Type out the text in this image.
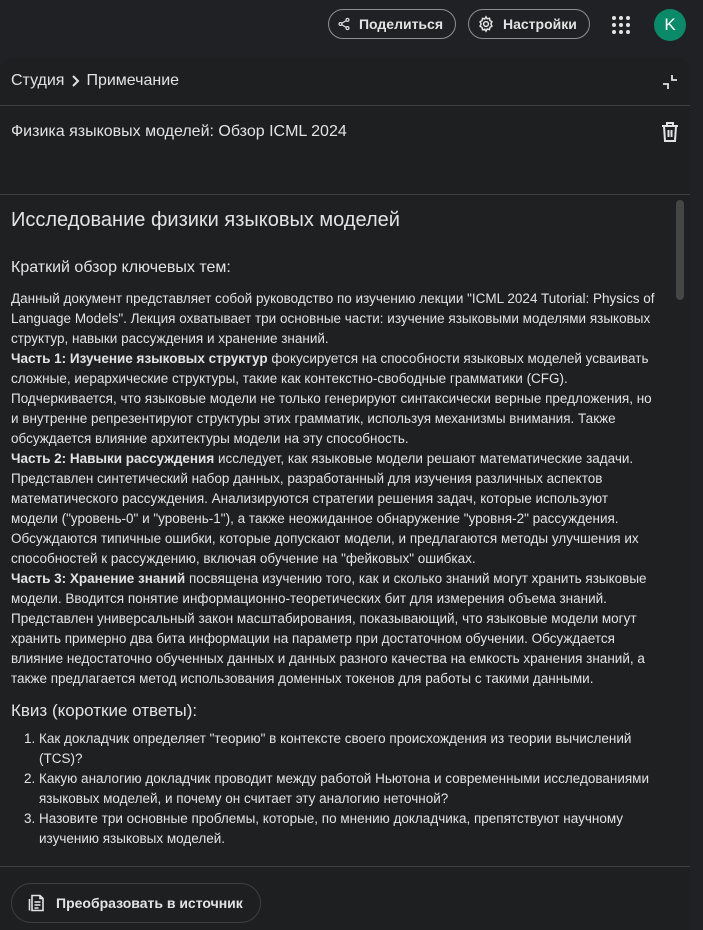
Поделиться	Настройки	K
Студия Примечание
Физика языковых моделей: Обзор ICML 2024
Исследование физики языковых моделей
Краткий обзор ключевых тем:

Данный документ представляет собой руководство по изучению лекции "ICML 2024 Tutorial: Physics of Language Models". Лекция охватывает три основные части: изучение языковыми моделями языковых структур, навыки рассуждения и хранение знаний.

Часть 1: Изучение языковых структур фокусируется на способности языковых моделей усваивать сложные, иерархические структуры, такие как контекстно-свободные грамматики (CFG). Подчеркивается, что языковые модели не только генерируют синтаксически верные предложения, но и внутренне репрезентируют структуры этих грамматик, используя механизмы внимания. Также обсуждается влияние архитектуры модели на эту способность.

Часть 2: Навыки рассуждения исследует, как языковые модели решают математические задачи. Представлен синтетический набор данных, разработанный для изучения различных аспектов математического рассуждения. Анализируются стратегии решения задач, которые используют модели ("уровень-0" и "уровень-1"), а также неожиданное обнаружение "уровня-2" рассуждения. Обсуждаются типичные ошибки, которые допускают модели, и предлагаются методы улучшения их способностей к рассуждению, включая обучение на "фейковых" ошибках.

Часть 3: Хранение знаний посвящена изучению того, как и сколько знаний могут хранить языковые модели. Вводится понятие информационно-теоретических бит для измерения объема знаний. Представлен универсальный закон масштабирования, показывающий, что языковые модели могут хранить примерно два бита информации на параметр при достаточном обучении. Обсуждается влияние недостаточно обученных данных и данных разного качества на емкость хранения знаний, а также предлагается метод использования доменных токенов для работы с такими данными.

Квиз (короткие ответы):
1. Как докладчик определяет "теорию" в контексте своего происхождения из теории вычислений (TCS)?
2. Какую аналогию докладчик проводит между работой Ньютона и современными исследованиями языковых моделей, и почему он считает эту аналогию неточной?
3. Назовите три основные проблемы, которые, по мнению докладчика, препятствуют научному изучению языковых моделей.
Преобразовать в источник
